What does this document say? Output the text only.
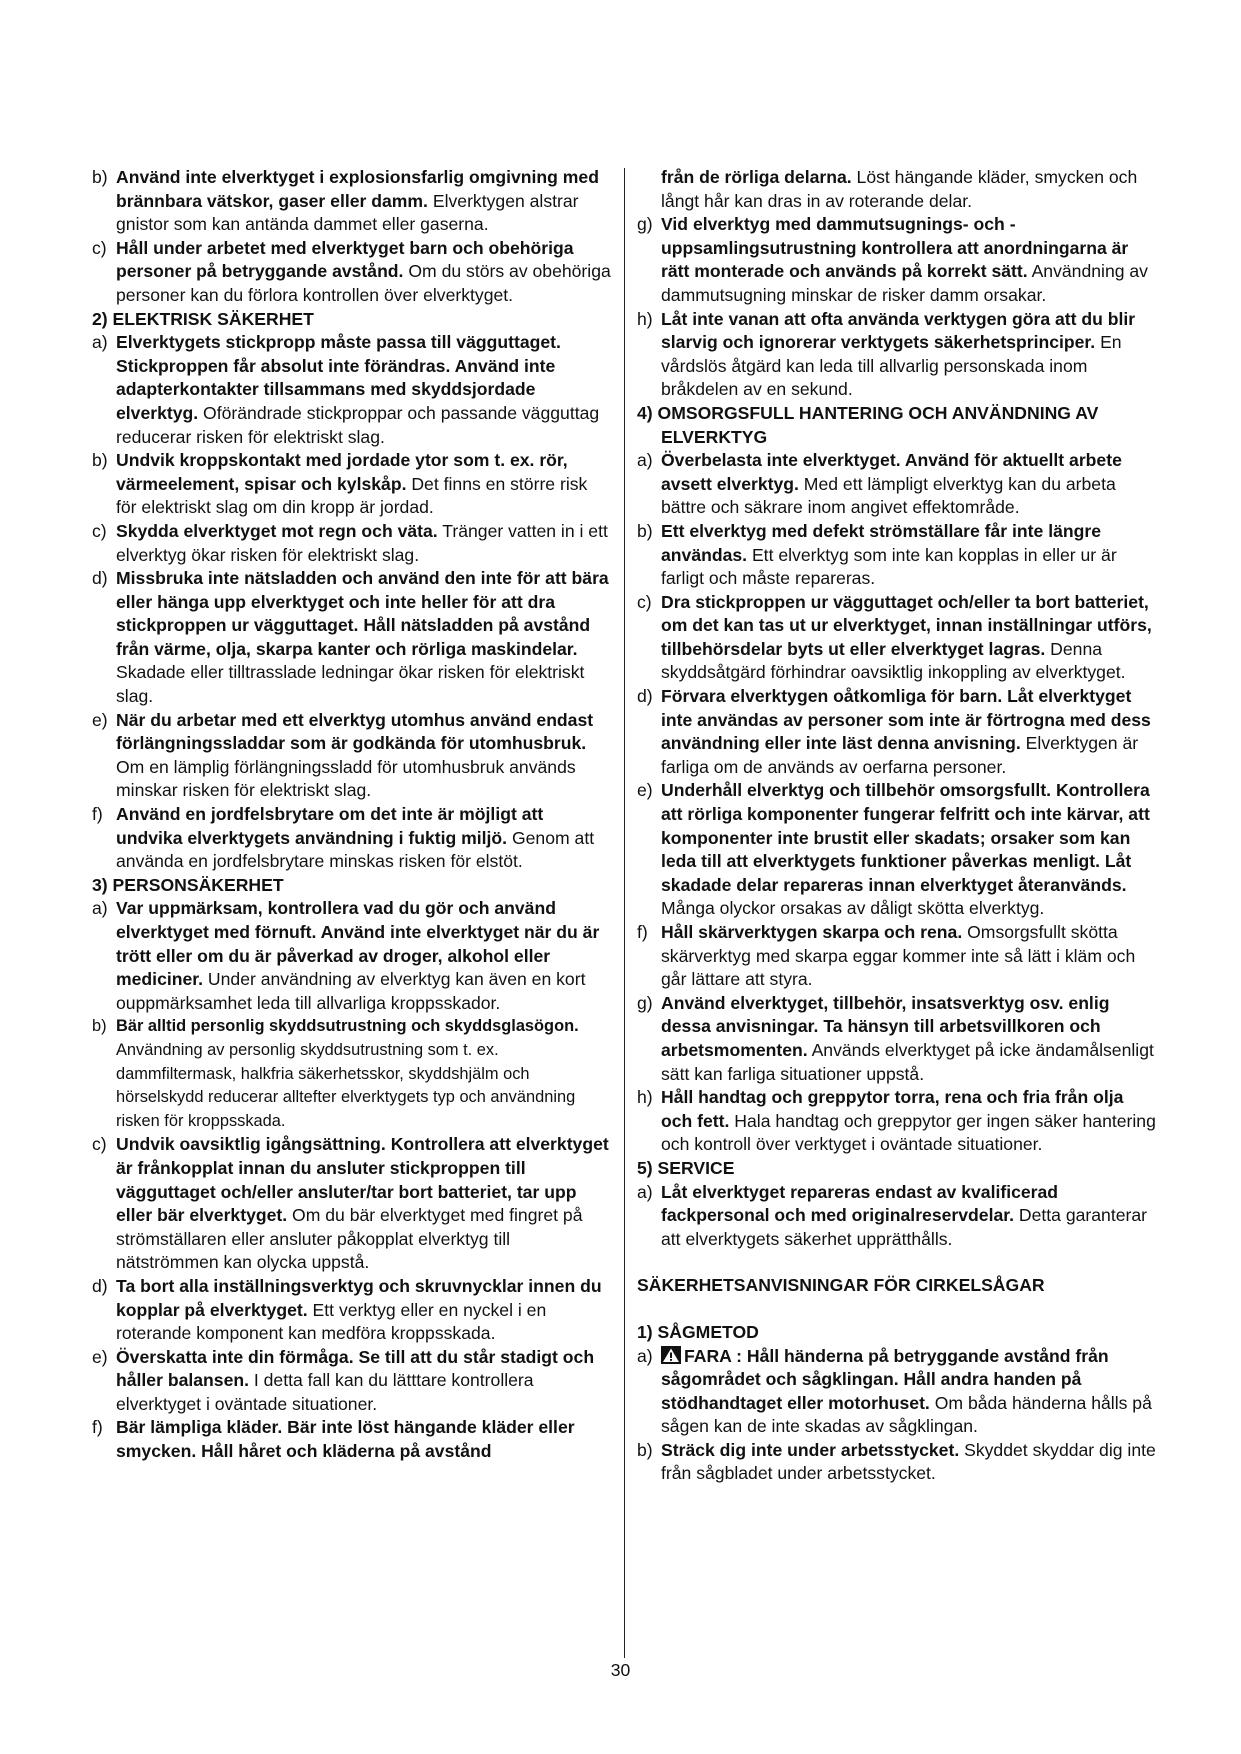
b) Använd inte elverktyget i explosionsfarlig omgivning med brännbara vätskor, gaser eller damm. Elverktygen alstrar gnistor som kan antända dammet eller gaserna.
c) Håll under arbetet med elverktyget barn och obehöriga personer på betryggande avstånd. Om du störs av obehöriga personer kan du förlora kontrollen över elverktyget.
2) ELEKTRISK SÄKERHET
a) Elverktygets stickpropp måste passa till vägguttaget. Stickproppen får absolut inte förändras. Använd inte adapterkontakter tillsammans med skyddsjordade elverktyg. Oförändrade stickproppar och passande vägguttag reducerar risken för elektriskt slag.
b) Undvik kroppskontakt med jordade ytor som t. ex. rör, värmeelement, spisar och kylskåp. Det finns en större risk för elektriskt slag om din kropp är jordad.
c) Skydda elverktyget mot regn och väta. Tränger vatten in i ett elverktyg ökar risken för elektriskt slag.
d) Missbruka inte nätsladden och använd den inte för att bära eller hänga upp elverktyget och inte heller för att dra stickproppen ur vägguttaget. Håll nätsladden på avstånd från värme, olja, skarpa kanter och rörliga maskindelar. Skadade eller tilltrasslade ledningar ökar risken för elektriskt slag.
e) När du arbetar med ett elverktyg utomhus använd endast förlängningssladdar som är godkända för utomhusbruk. Om en lämplig förlängningssladd för utomhusbruk används minskar risken för elektriskt slag.
f) Använd en jordfelsbrytare om det inte är möjligt att undvika elverktygets användning i fuktig miljö. Genom att använda en jordfelsbrytare minskas risken för elstöt.
3) PERSONSÄKERHET
a) Var uppmärksam, kontrollera vad du gör och använd elverktyget med förnuft. Använd inte elverktyget när du är trött eller om du är påverkad av droger, alkohol eller mediciner. Under användning av elverktyg kan även en kort ouppmärksamhet leda till allvarliga kroppsskador.
b) Bär alltid personlig skyddsutrustning och skyddsglasögon. Användning av personlig skyddsutrustning som t. ex. dammfiltermask, halkfria säkerhetsskor, skyddshjälm och hörselskydd reducerar alltefter elverktygets typ och användning risken för kroppsskada.
c) Undvik oavsiktlig igångsättning. Kontrollera att elverktyget är frånkopplat innan du ansluter stickproppen till vägguttaget och/eller ansluter/tar bort batteriet, tar upp eller bär elverktyget. Om du bär elverktyget med fingret på strömställaren eller ansluter påkopplat elverktyg till nätströmmen kan olycka uppstå.
d) Ta bort alla inställningsverktyg och skruvnycklar innen du kopplar på elverktyget. Ett verktyg eller en nyckel i en roterande komponent kan medföra kroppsskada.
e) Överskatta inte din förmåga. Se till att du står stadigt och håller balansen. I detta fall kan du lätttare kontrollera elverktyget i oväntade situationer.
f) Bär lämpliga kläder. Bär inte löst hängande kläder eller smycken. Håll håret och kläderna på avstånd
från de rörliga delarna. Löst hängande kläder, smycken och långt hår kan dras in av roterande delar.
g) Vid elverktyg med dammutsugnings- och -uppsamlingsutrustning kontrollera att anordningarna är rätt monterade och används på korrekt sätt. Användning av dammutsugning minskar de risker damm orsakar.
h) Låt inte vanan att ofta använda verktygen göra att du blir slarvig och ignorerar verktygets säkerhetsprinciper. En vårdslös åtgärd kan leda till allvarlig personskada inom bråkdelen av en sekund.
4) OMSORGSFULL HANTERING OCH ANVÄNDNING AV ELVERKTYG
a) Överbelasta inte elverktyget. Använd för aktuellt arbete avsett elverktyg. Med ett lämpligt elverktyg kan du arbeta bättre och säkrare inom angivet effektområde.
b) Ett elverktyg med defekt strömställare får inte längre användas. Ett elverktyg som inte kan kopplas in eller ur är farligt och måste repareras.
c) Dra stickproppen ur vägguttaget och/eller ta bort batteriet, om det kan tas ut ur elverktyget, innan inställningar utförs, tillbehörsdelar byts ut eller elverktyget lagras. Denna skyddsåtgärd förhindrar oavsiktlig inkoppling av elverktyget.
d) Förvara elverktygen oåtkomliga för barn. Låt elverktyget inte användas av personer som inte är förtrogna med dess användning eller inte läst denna anvisning. Elverktygen är farliga om de används av oerfarna personer.
e) Underhåll elverktyg och tillbehör omsorgsfullt. Kontrollera att rörliga komponenter fungerar felfritt och inte kärvar, att komponenter inte brustit eller skadats; orsaker som kan leda till att elverktygets funktioner påverkas menligt. Låt skadade delar repareras innan elverktyget återanvänds. Många olyckor orsakas av dåligt skötta elverktyg.
f) Håll skärverktygen skarpa och rena. Omsorgsfullt skötta skärverktyg med skarpa eggar kommer inte så lätt i kläm och går lättare att styra.
g) Använd elverktyget, tillbehör, insatsverktyg osv. enlig dessa anvisningar. Ta hänsyn till arbetsvillkoren och arbetsmomenten. Används elverktyget på icke ändamålsenligt sätt kan farliga situationer uppstå.
h) Håll handtag och greppytor torra, rena och fria från olja och fett. Hala handtag och greppytor ger ingen säker hantering och kontroll över verktyget i oväntade situationer.
5) SERVICE
a) Låt elverktyget repareras endast av kvalificerad fackpersonal och med originalreservdelar. Detta garanterar att elverktygets säkerhet upprätthålls.
SÄKERHETSANVISNINGAR FÖR CIRKELSÅGAR
1) SÅGMETOD
a) FARA : Håll händerna på betryggande avstånd från sågområdet och sågklingan. Håll andra handen på stödhandtaget eller motorhuset. Om båda händerna hålls på sågen kan de inte skadas av sågklingan.
b) Sträck dig inte under arbetsstycket. Skyddet skyddar dig inte från sågbladet under arbetsstycket.
30
